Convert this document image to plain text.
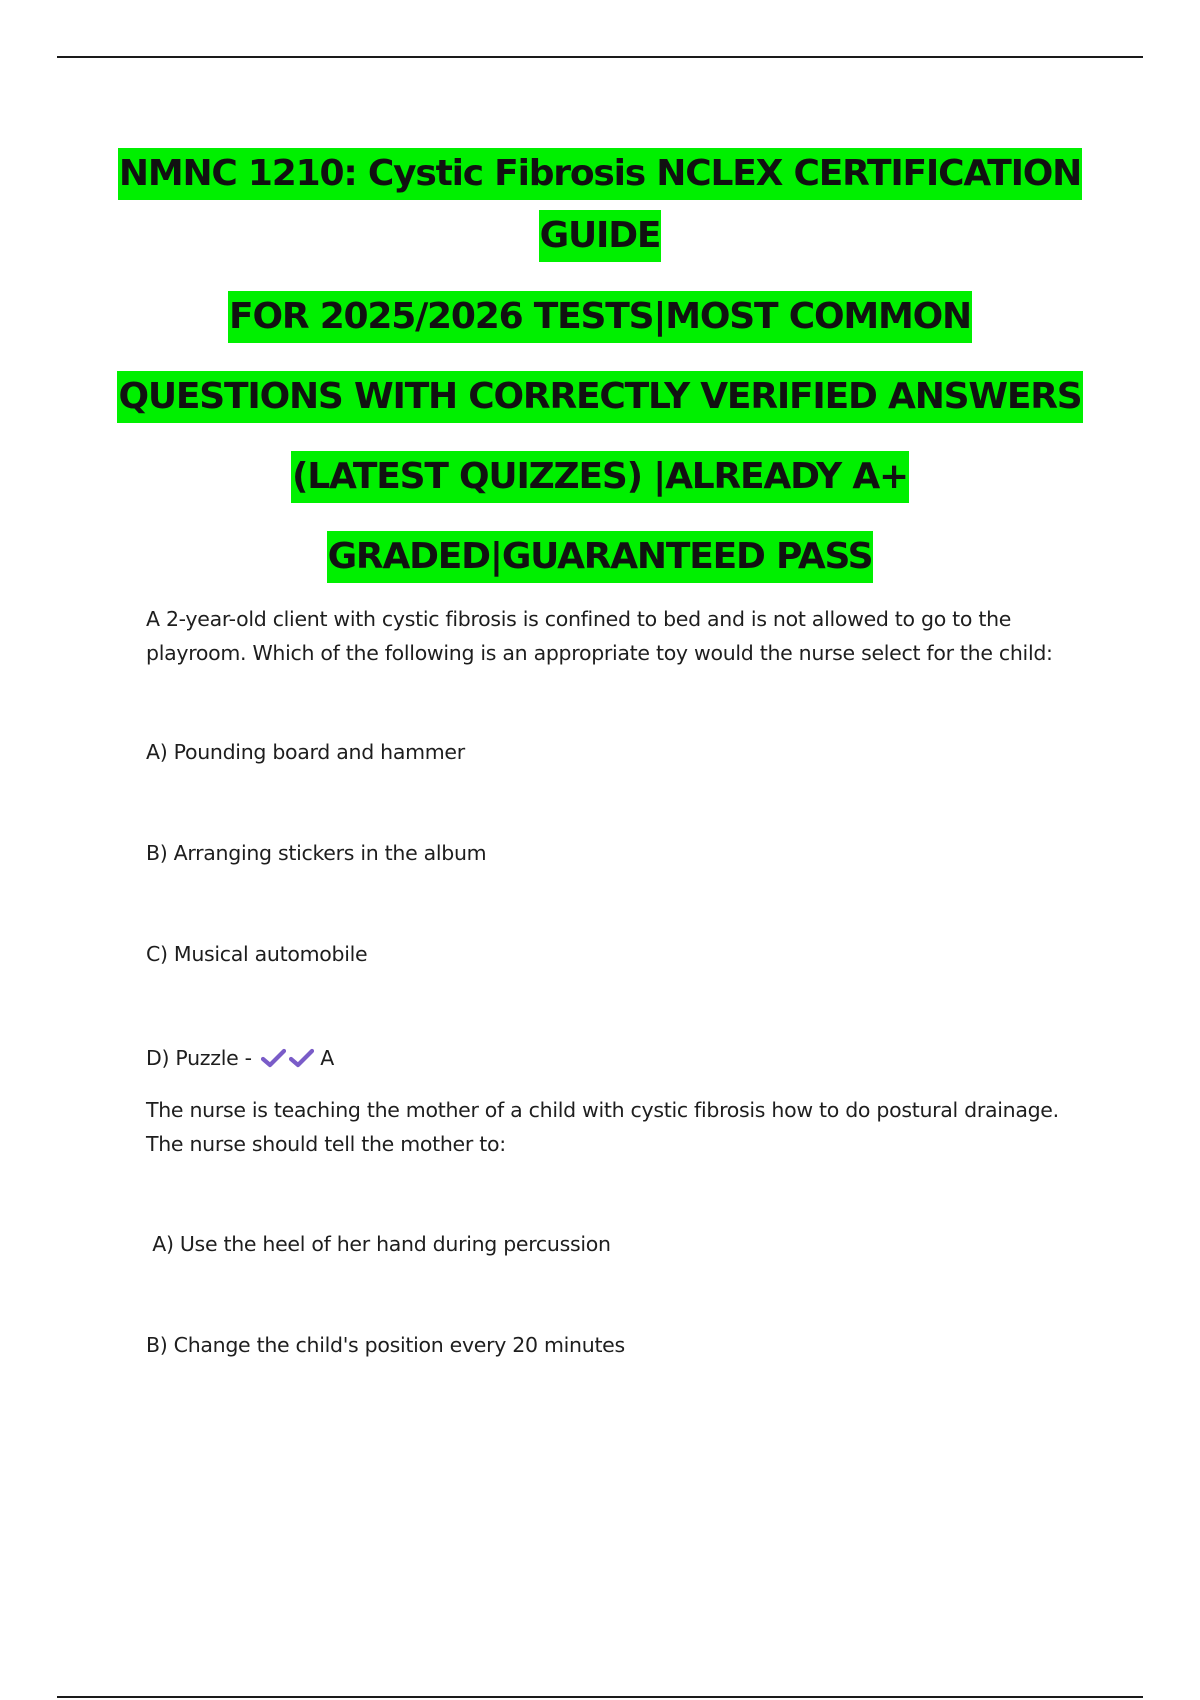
NMNC 1210: Cystic Fibrosis NCLEX CERTIFICATION

GUIDE

FOR 2025/2026 TESTS|MOST COMMON

QUESTIONS WITH CORRECTLY VERIFIED ANSWERS

(LATEST QUIZZES) |ALREADY A+

GRADED|GUARANTEED PASS

A 2-year-old client with cystic fibrosis is confined to bed and is not allowed to go to the playroom. Which of the following is an appropriate toy would the nurse select for the child:

A) Pounding board and hammer

B) Arranging stickers in the album

C) Musical automobile

D) Puzzle -	A

The nurse is teaching the mother of a child with cystic fibrosis how to do postural drainage. The nurse should tell the mother to:

A) Use the heel of her hand during percussion

B) Change the child's position every 20 minutes
